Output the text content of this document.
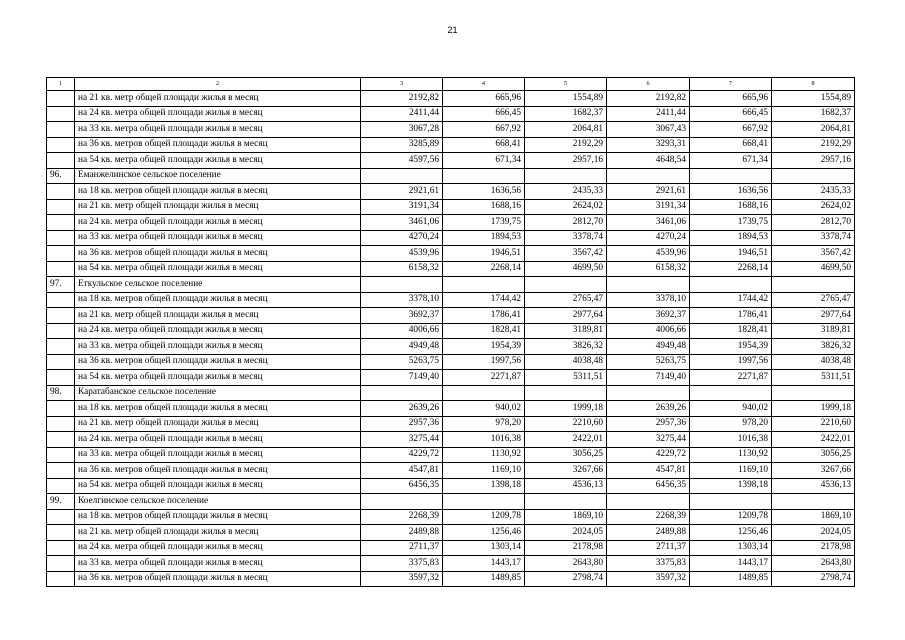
21
1	2	3	4	5	6	7	8
	на 21 кв. метр общей площади жилья в месяц	2192,82	665,96	1554,89	2192,82	665,96	1554,89
	на 24 кв. метра общей площади жилья в месяц	2411,44	666,45	1682,37	2411,44	666,45	1682,37
	на 33 кв. метра общей площади жилья в месяц	3067,28	667,92	2064,81	3067,43	667,92	2064,81
	на 36 кв. метров общей площади жилья в месяц	3285,89	668,41	2192,29	3293,31	668,41	2192,29
	на 54 кв. метра общей площади жилья в месяц	4597,56	671,34	2957,16	4648,54	671,34	2957,16
96.	Еманжелинское сельское поселение						
	на 18 кв. метров общей площади жилья в месяц	2921,61	1636,56	2435,33	2921,61	1636,56	2435,33
	на 21 кв. метр общей площади жилья в месяц	3191,34	1688,16	2624,02	3191,34	1688,16	2624,02
	на 24 кв. метра общей площади жилья в месяц	3461,06	1739,75	2812,70	3461,06	1739,75	2812,70
	на 33 кв. метра общей площади жилья в месяц	4270,24	1894,53	3378,74	4270,24	1894,53	3378,74
	на 36 кв. метров общей площади жилья в месяц	4539,96	1946,51	3567,42	4539,96	1946,51	3567,42
	на 54 кв. метра общей площади жилья в месяц	6158,32	2268,14	4699,50	6158,32	2268,14	4699,50
97.	Еткульское сельское поселение						
	на 18 кв. метров общей площади жилья в месяц	3378,10	1744,42	2765,47	3378,10	1744,42	2765,47
	на 21 кв. метр общей площади жилья в месяц	3692,37	1786,41	2977,64	3692,37	1786,41	2977,64
	на 24 кв. метра общей площади жилья в месяц	4006,66	1828,41	3189,81	4006,66	1828,41	3189,81
	на 33 кв. метра общей площади жилья в месяц	4949,48	1954,39	3826,32	4949,48	1954,39	3826,32
	на 36 кв. метров общей площади жилья в месяц	5263,75	1997,56	4038,48	5263,75	1997,56	4038,48
	на 54 кв. метра общей площади жилья в месяц	7149,40	2271,87	5311,51	7149,40	2271,87	5311,51
98.	Каратабанское сельское поселение						
	на 18 кв. метров общей площади жилья в месяц	2639,26	940,02	1999,18	2639,26	940,02	1999,18
	на 21 кв. метр общей площади жилья в месяц	2957,36	978,20	2210,60	2957,36	978,20	2210,60
	на 24 кв. метра общей площади жилья в месяц	3275,44	1016,38	2422,01	3275,44	1016,38	2422,01
	на 33 кв. метра общей площади жилья в месяц	4229,72	1130,92	3056,25	4229,72	1130,92	3056,25
	на 36 кв. метров общей площади жилья в месяц	4547,81	1169,10	3267,66	4547,81	1169,10	3267,66
	на 54 кв. метра общей площади жилья в месяц	6456,35	1398,18	4536,13	6456,35	1398,18	4536,13
99.	Коелгинское сельское поселение						
	на 18 кв. метров общей площади жилья в месяц	2268,39	1209,78	1869,10	2268,39	1209,78	1869,10
	на 21 кв. метр общей площади жилья в месяц	2489,88	1256,46	2024,05	2489,88	1256,46	2024,05
	на 24 кв. метра общей площади жилья в месяц	2711,37	1303,14	2178,98	2711,37	1303,14	2178,98
	на 33 кв. метра общей площади жилья в месяц	3375,83	1443,17	2643,80	3375,83	1443,17	2643,80
	на 36 кв. метров общей площади жилья в месяц	3597,32	1489,85	2798,74	3597,32	1489,85	2798,74
